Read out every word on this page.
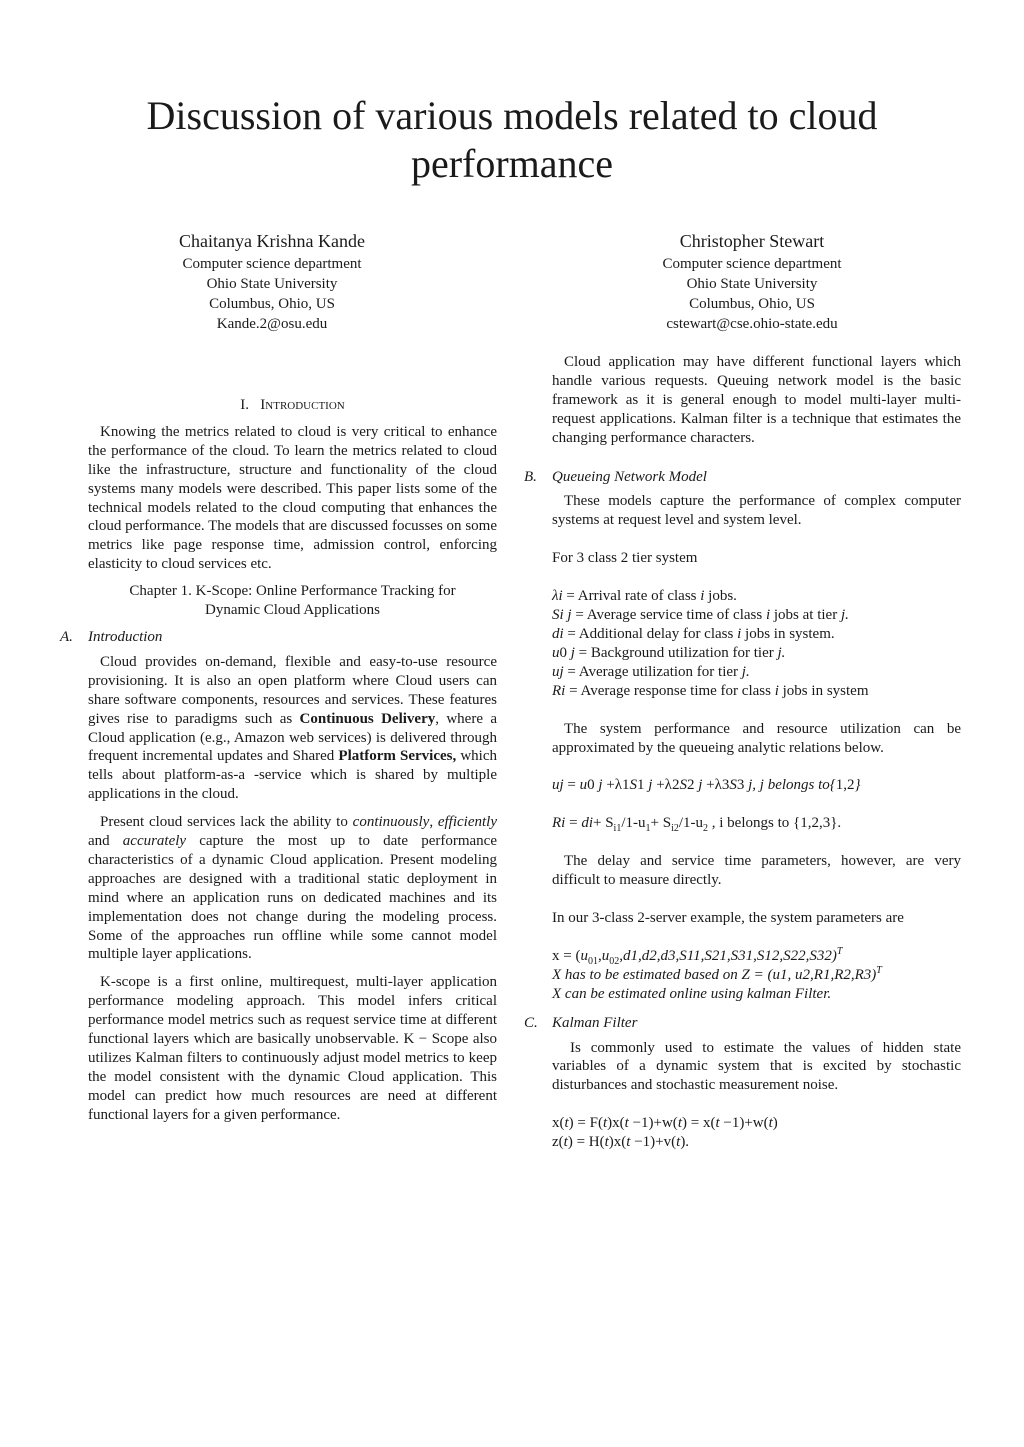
Discussion of various models related to cloud performance
Chaitanya Krishna Kande
Computer science department
Ohio State University
Columbus, Ohio, US
Kande.2@osu.edu
Christopher Stewart
Computer science department
Ohio State University
Columbus, Ohio, US
cstewart@cse.ohio-state.edu
I. Introduction

Knowing the metrics related to cloud is very critical to enhance the performance of the cloud. To learn the metrics related to cloud like the infrastructure, structure and functionality of the cloud systems many models were described. This paper lists some of the technical models related to the cloud computing that enhances the cloud performance. The models that are discussed focusses on some metrics like page response time, admission control, enforcing elasticity to cloud services etc.

Chapter 1. K-Scope: Online Performance Tracking for
Dynamic Cloud Applications
A. Introduction

Cloud provides on-demand, flexible and easy-to-use resource provisioning. It is also an open platform where Cloud users can share software components, resources and services. These features gives rise to paradigms such as Continuous Delivery, where a Cloud application (e.g., Amazon web services) is delivered through frequent incremental updates and Shared Platform Services, which tells about platform-as-a -service which is shared by multiple applications in the cloud.

Present cloud services lack the ability to continuously, efficiently and accurately capture the most up to date performance characteristics of a dynamic Cloud application. Present modeling approaches are designed with a traditional static deployment in mind where an application runs on dedicated machines and its implementation does not change during the modeling process. Some of the approaches run offline while some cannot model multiple layer applications.

K-scope is a first online, multirequest, multi-layer application performance modeling approach. This model infers critical performance model metrics such as request service time at different functional layers which are basically unobservable. K − Scope also utilizes Kalman filters to continuously adjust model metrics to keep the model consistent with the dynamic Cloud application. This model can predict how much resources are need at different functional layers for a given performance.

Cloud application may have different functional layers which handle various requests. Queuing network model is the basic framework as it is general enough to model multi-layer multi-request applications. Kalman filter is a technique that estimates the changing performance characters.

B. Queueing Network Model

These models capture the performance of complex computer systems at request level and system level.

For 3 class 2 tier system

λi = Arrival rate of class i jobs.

Si j = Average service time of class i jobs at tier j.

di = Additional delay for class i jobs in system.

u0 j = Background utilization for tier j.

uj = Average utilization for tier j.

Ri = Average response time for class i jobs in system

The system performance and resource utilization can be approximated by the queueing analytic relations below.

uj = u0 j +λ1S1 j +λ2S2 j +λ3S3 j, j belongs to{1,2}

$Ri = di+ S_{i1}/1-u_1+ S_{i2}/1-u_2$ , i belongs to {1,2,3}.

The delay and service time parameters, however, are very difficult to measure directly.

In our 3-class 2-server example, the system parameters are

$x = (u_{01},u_{02},d1,d2,d3,S11,S21,S31,S12,S22,S32)^T$

X has to be estimated based on Z = (u1, u2,R1,R2,R3)$^T$

X can be estimated online using kalman Filter.

C. Kalman Filter

Is commonly used to estimate the values of hidden state variables of a dynamic system that is excited by stochastic disturbances and stochastic measurement noise.

x(t) = F(t)x(t −1)+w(t) = x(t −1)+w(t)

z(t) = H(t)x(t −1)+v(t).
